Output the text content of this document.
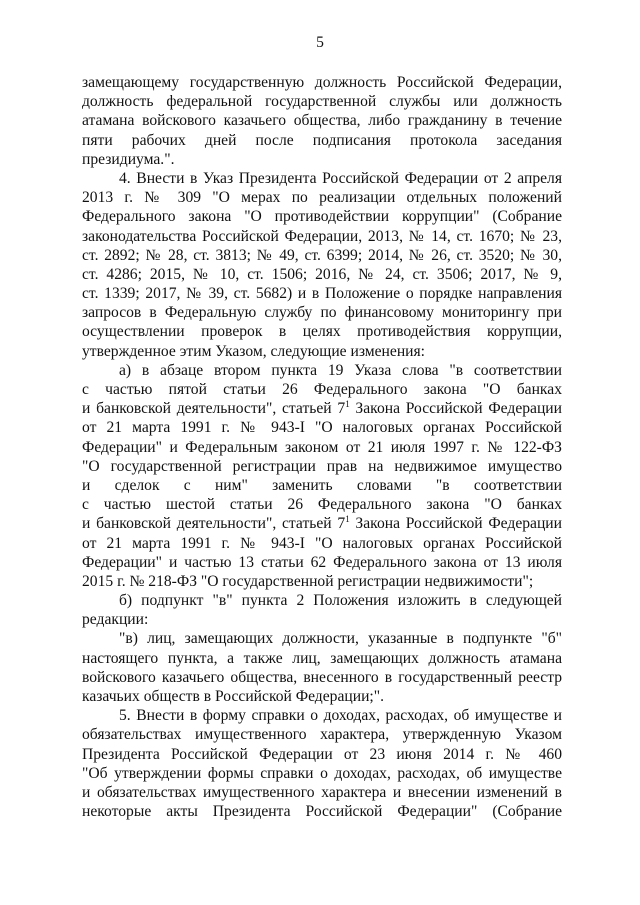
5
замещающему государственную должность Российской Федерации,
должность федеральной государственной службы или должность
атамана войскового казачьего общества, либо гражданину в течение
пяти рабочих дней после подписания протокола заседания
президиума.".
4. Внести в Указ Президента Российской Федерации от 2 апреля
2013 г. № 309 "О мерах по реализации отдельных положений
Федерального закона "О противодействии коррупции" (Собрание
законодательства Российской Федерации, 2013, № 14, ст. 1670; № 23,
ст. 2892; № 28, ст. 3813; № 49, ст. 6399; 2014, № 26, ст. 3520; № 30,
ст. 4286; 2015, № 10, ст. 1506; 2016, № 24, ст. 3506; 2017, № 9,
ст. 1339; 2017, № 39, ст. 5682) и в Положение о порядке направления
запросов в Федеральную службу по финансовому мониторингу при
осуществлении проверок в целях противодействия коррупции,
утвержденное этим Указом, следующие изменения:
а) в абзаце втором пункта 19 Указа слова "в соответствии
с частью пятой статьи 26 Федерального закона "О банках
и банковской деятельности", статьей $7^1$ Закона Российской Федерации
от 21 марта 1991 г. № 943-I "О налоговых органах Российской
Федерации" и Федеральным законом от 21 июля 1997 г. № 122-ФЗ
"О государственной регистрации прав на недвижимое имущество
и сделок с ним" заменить словами "в соответствии
с частью шестой статьи 26 Федерального закона "О банках
и банковской деятельности", статьей $7^1$ Закона Российской Федерации
от 21 марта 1991 г. № 943-I "О налоговых органах Российской
Федерации" и частью 13 статьи 62 Федерального закона от 13 июля
2015 г. № 218-ФЗ "О государственной регистрации недвижимости";
б) подпункт "в" пункта 2 Положения изложить в следующей
редакции:
"в) лиц, замещающих должности, указанные в подпункте "б"
настоящего пункта, а также лиц, замещающих должность атамана
войскового казачьего общества, внесенного в государственный реестр
казачьих обществ в Российской Федерации;".
5. Внести в форму справки о доходах, расходах, об имуществе и
обязательствах имущественного характера, утвержденную Указом
Президента Российской Федерации от 23 июня 2014 г. № 460
"Об утверждении формы справки о доходах, расходах, об имуществе
и обязательствах имущественного характера и внесении изменений в
некоторые акты Президента Российской Федерации" (Собрание
